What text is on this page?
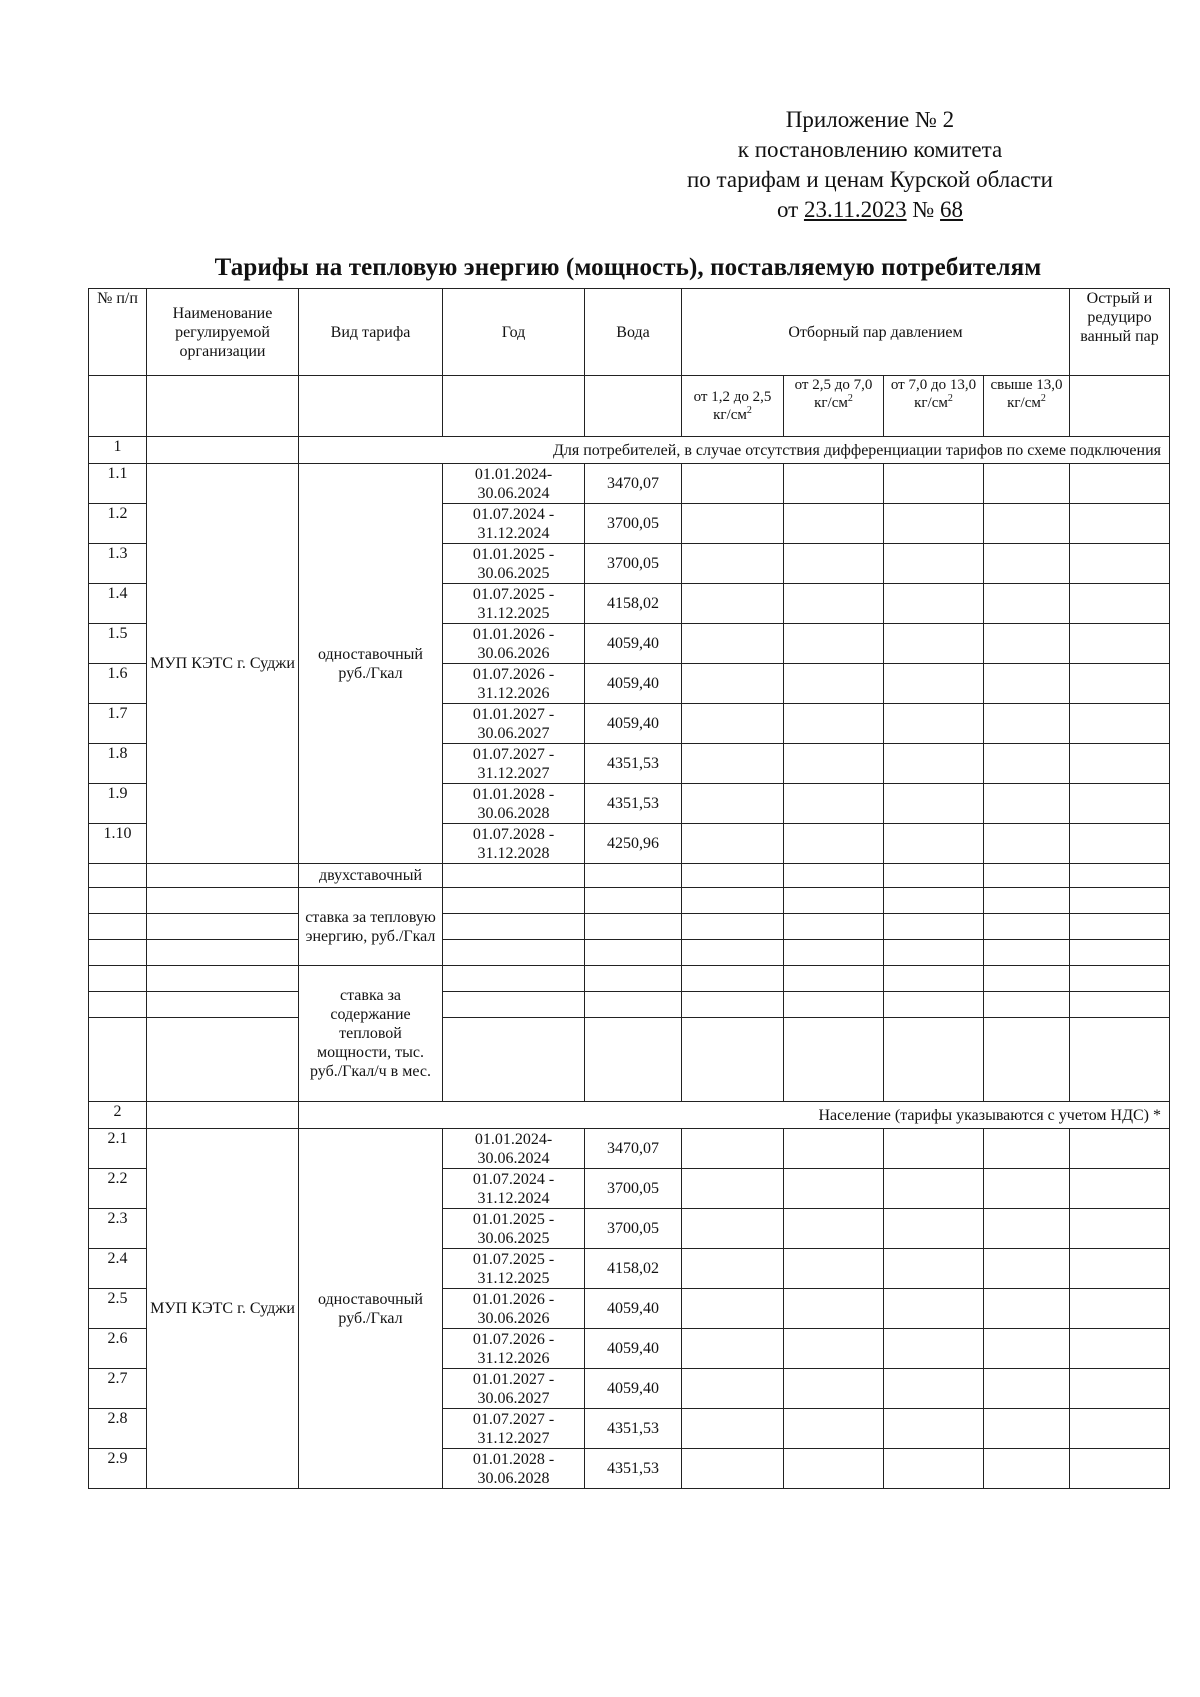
Приложение № 2
к постановлению комитета
по тарифам и ценам Курской области
от 23.11.2023 № 68
Тарифы на тепловую энергию (мощность), поставляемую потребителям
№ п/п	Наименование регулируемой организации	Вид тарифа	Год	Вода	Отборный пар давлением				Острый и редуциро ванный пар
					от 1,2 до 2,5 $кг/см^2$	от 2,5 до 7,0 $кг/см^2$	от 7,0 до 13,0 $кг/см^2$	свыше 13,0 $кг/см^2$	
1		Для потребителей, в случае отсутствия дифференциации тарифов по схеме подключения							
1.1	МУП КЭТС г. Суджи	одноставочный руб./Гкал	01.01.2024- 30.06.2024	3470,07					
1.2			01.07.2024 - 31.12.2024	3700,05					
1.3			01.01.2025 - 30.06.2025	3700,05					
1.4			01.07.2025 - 31.12.2025	4158,02					
1.5			01.01.2026 - 30.06.2026	4059,40					
1.6			01.07.2026 - 31.12.2026	4059,40					
1.7			01.01.2027 - 30.06.2027	4059,40					
1.8			01.07.2027 - 31.12.2027	4351,53					
1.9			01.01.2028 - 30.06.2028	4351,53					
1.10			01.07.2028 - 31.12.2028	4250,96					
		двухставочный							
		ставка за тепловую энергию, руб./Гкал							

		ставка за содержание тепловой мощности, тыс. руб./Гкал/ч в мес.							

2		Население (тарифы указываются с учетом НДС) *							
2.1	МУП КЭТС г. Суджи	одноставочный руб./Гкал	01.01.2024- 30.06.2024	3470,07					
2.2			01.07.2024 - 31.12.2024	3700,05					
2.3			01.01.2025 - 30.06.2025	3700,05					
2.4			01.07.2025 - 31.12.2025	4158,02					
2.5			01.01.2026 - 30.06.2026	4059,40					
2.6			01.07.2026 - 31.12.2026	4059,40					
2.7			01.01.2027 - 30.06.2027	4059,40					
2.8			01.07.2027 - 31.12.2027	4351,53					
2.9			01.01.2028 - 30.06.2028	4351,53					
